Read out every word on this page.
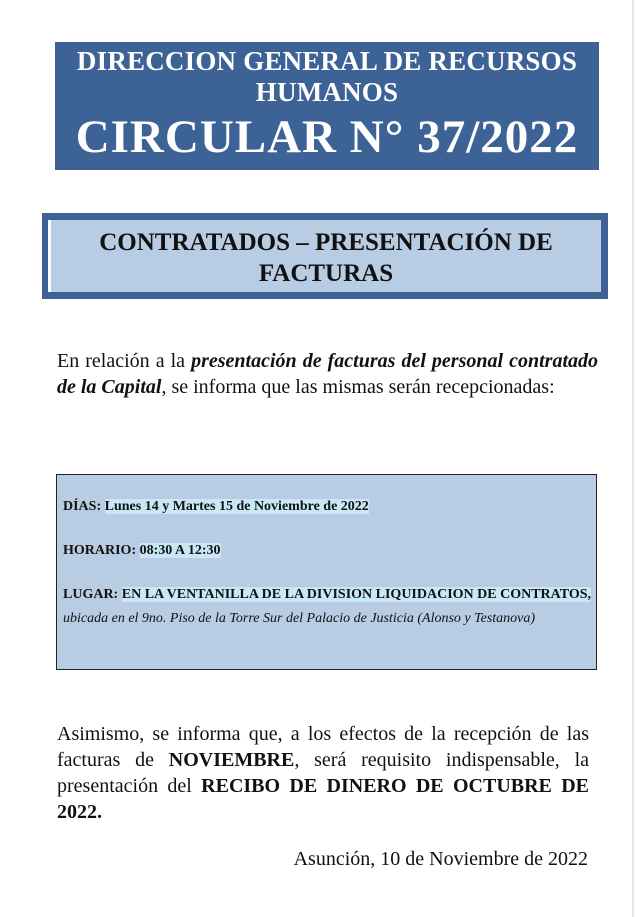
DIRECCION GENERAL DE RECURSOS
HUMANOS
CIRCULAR N° 37/2022
CONTRATADOS – PRESENTACIÓN DE
FACTURAS

En relación a la presentación de facturas del personal contratado de la Capital, se informa que las mismas serán recepcionadas:

DÍAS: Lunes 14 y Martes 15 de Noviembre de 2022

HORARIO: 08:30 A 12:30

LUGAR: EN LA VENTANILLA DE LA DIVISION LIQUIDACION DE CONTRATOS, ubicada en el 9no. Piso de la Torre Sur del Palacio de Justicia (Alonso y Testanova)

Asimismo, se informa que, a los efectos de la recepción de las facturas de NOVIEMBRE, será requisito indispensable, la presentación del RECIBO DE DINERO DE OCTUBRE DE 2022.

Asunción, 10 de Noviembre de 2022
